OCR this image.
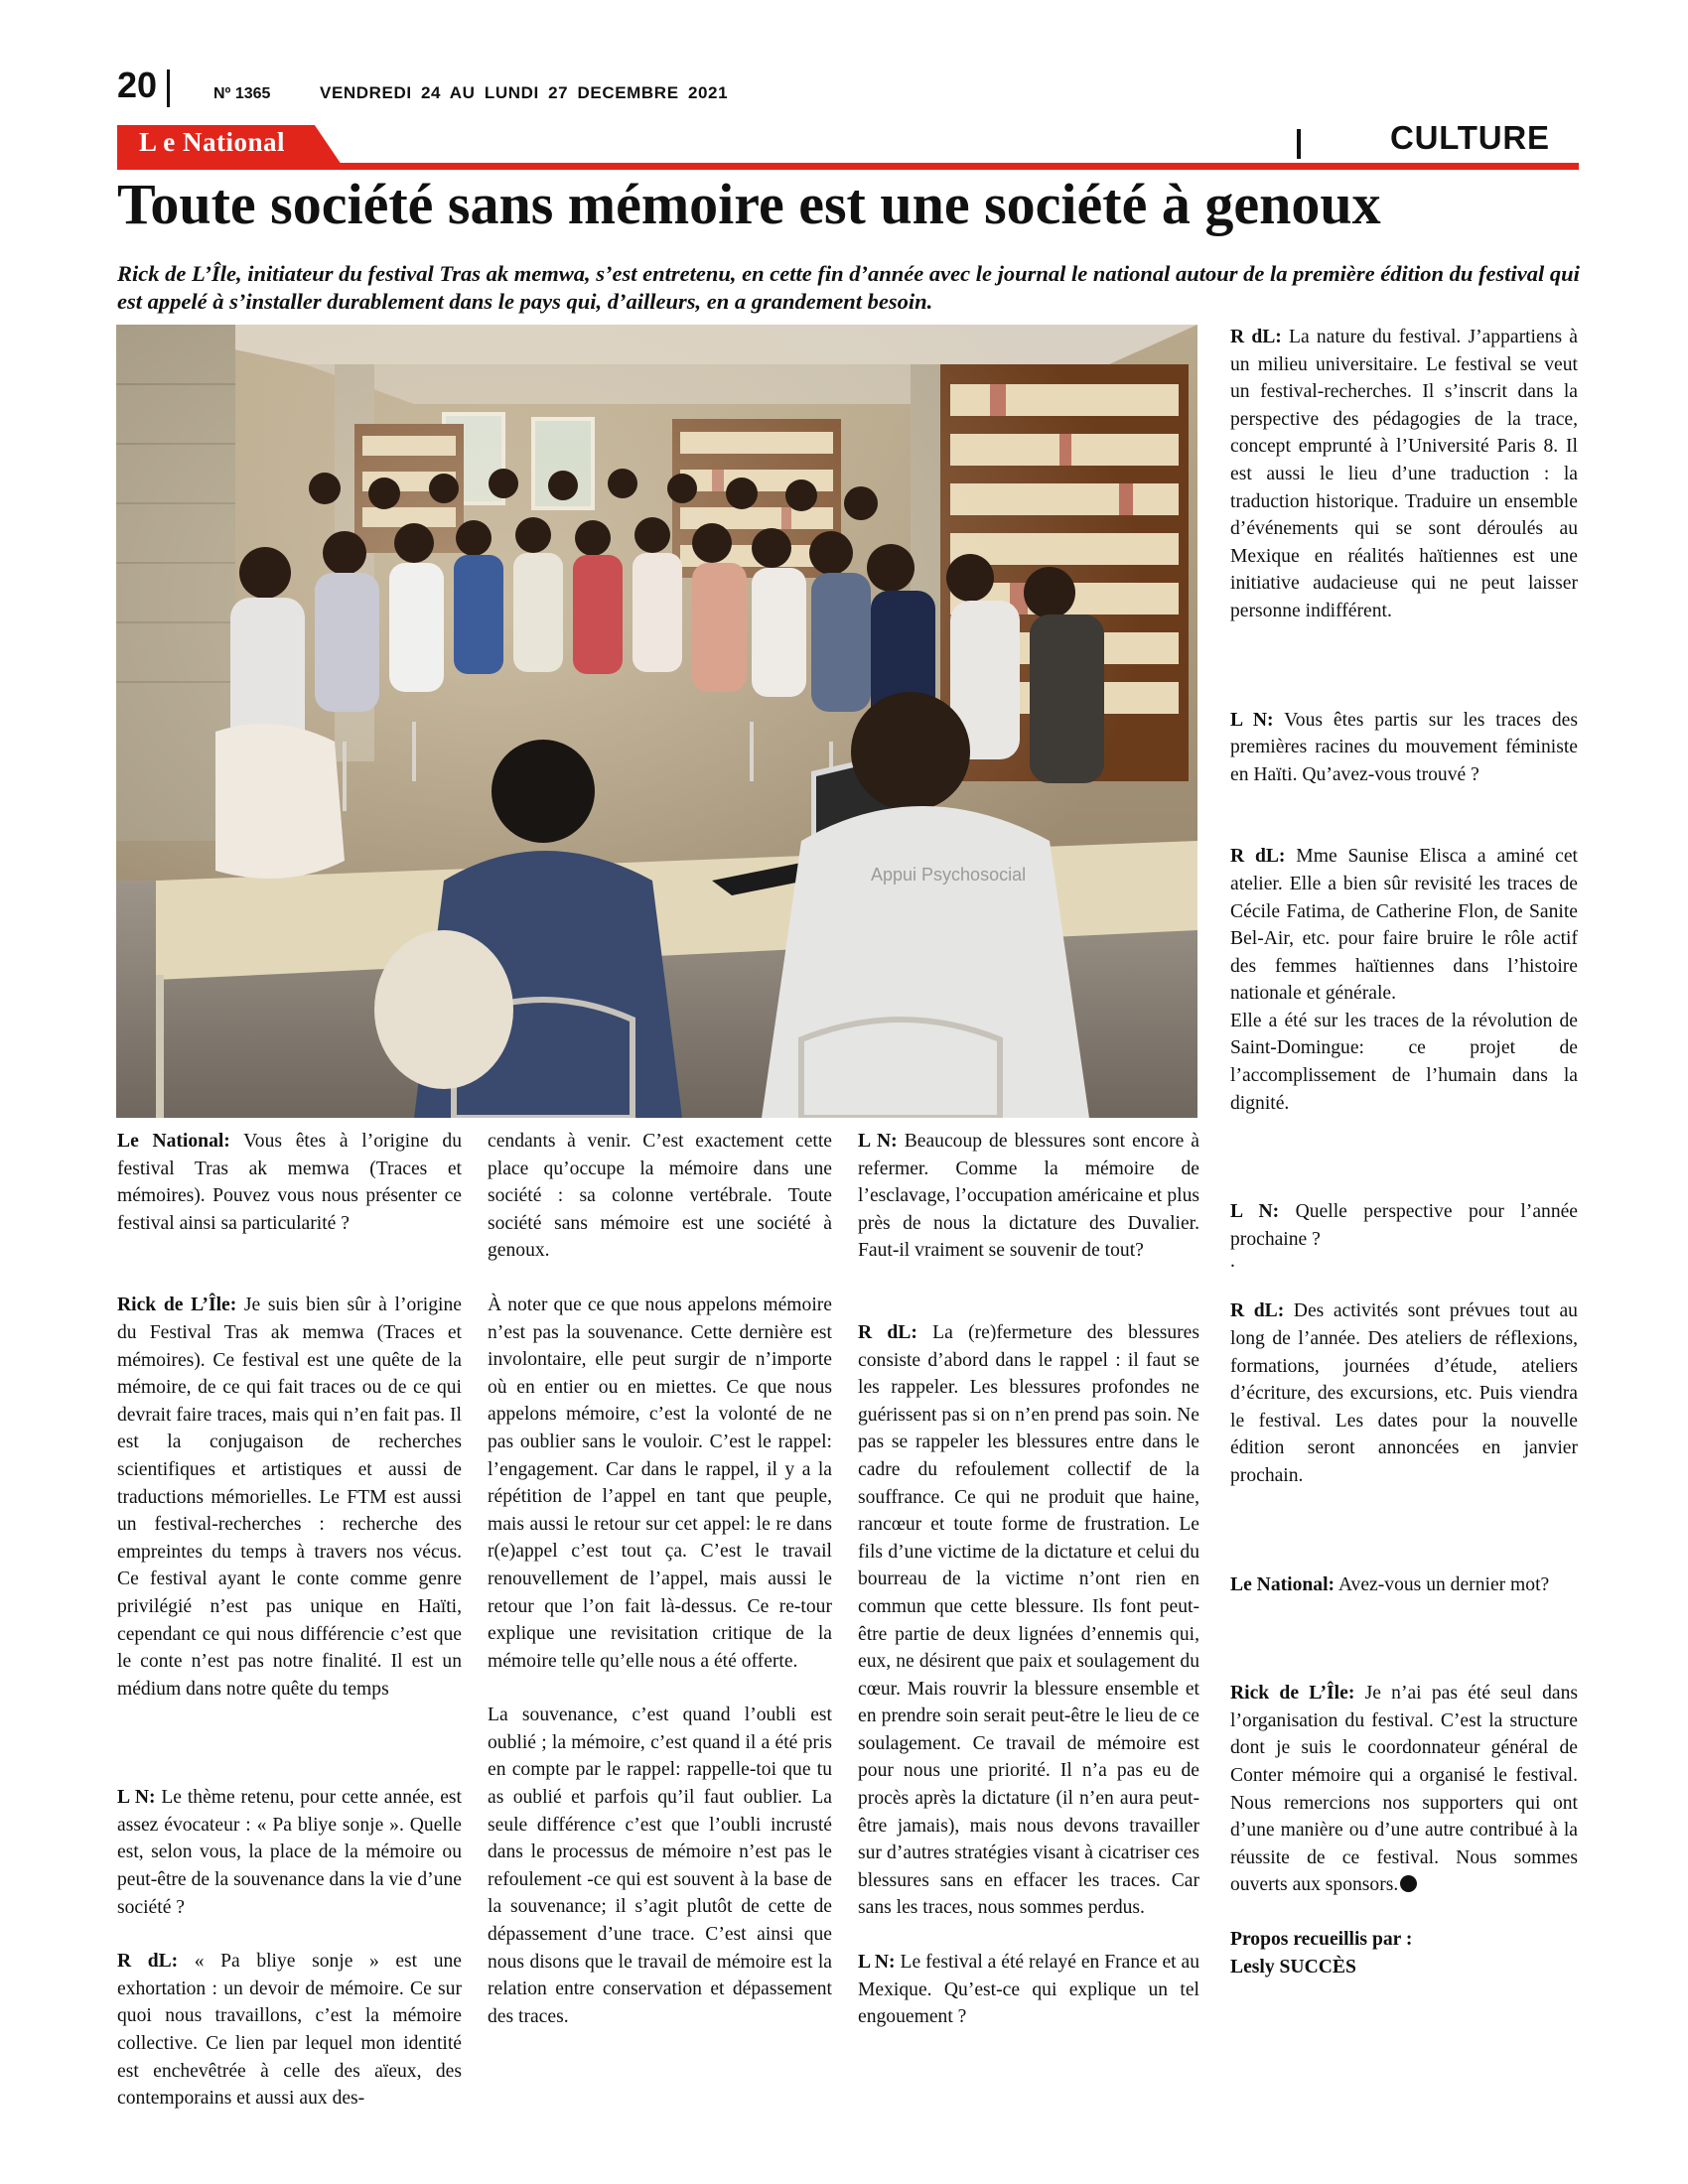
20	Nº 1365	VENDREDI 24 AU LUNDI 27 DECEMBRE 2021
L e National	CULTURE
Toute société sans mémoire est une société à genoux
Rick de L’Île, initiateur du festival Tras ak memwa, s’est entretenu, en cette fin d’année avec le journal le national autour de la première édition du festival qui est appelé à s’installer durablement dans le pays qui, d’ailleurs, en a grandement besoin.
Appui Psychosocial

Le National: Vous êtes à l’origine du festival Tras ak memwa (Traces et mémoires). Pouvez vous nous présenter ce festival ainsi sa particularité ?

Rick de L’Île: Je suis bien sûr à l’origine du Festival Tras ak memwa (Traces et mémoires). Ce festival est une quête de la mémoire, de ce qui fait traces ou de ce qui devrait faire traces, mais qui n’en fait pas. Il est la conjugaison de recherches scientifiques et artistiques et aussi de traductions mémorielles. Le FTM est aussi un festival-recherches : recherche des empreintes du temps à travers nos vécus. Ce festival ayant le conte comme genre privilégié n’est pas unique en Haïti, cependant ce qui nous différencie c’est que le conte n’est pas notre finalité. Il est un médium dans notre quête du temps

L N: Le thème retenu, pour cette année, est assez évocateur : « Pa bliye sonje ». Quelle est, selon vous, la place de la mémoire ou peut-être de la souvenance dans la vie d’une société ?

R dL: « Pa bliye sonje » est une exhortation : un devoir de mémoire. Ce sur quoi nous travaillons, c’est la mémoire collective. Ce lien par lequel mon identité est enchevêtrée à celle des aïeux, des contemporains et aussi aux des-

cendants à venir. C’est exactement cette place qu’occupe la mémoire dans une société : sa colonne vertébrale. Toute société sans mémoire est une société à genoux.

À noter que ce que nous appelons mémoire n’est pas la souvenance. Cette dernière est involontaire, elle peut surgir de n’importe où en entier ou en miettes. Ce que nous appelons mémoire, c’est la volonté de ne pas oublier sans le vouloir. C’est le rappel: l’engagement. Car dans le rappel, il y a la répétition de l’appel en tant que peuple, mais aussi le retour sur cet appel: le re dans r(e)appel c’est tout ça. C’est le travail renouvellement de l’appel, mais aussi le retour que l’on fait là-dessus. Ce re-tour explique une revisitation critique de la mémoire telle qu’elle nous a été offerte.

La souvenance, c’est quand l’oubli est oublié ; la mémoire, c’est quand il a été pris en compte par le rappel: rappelle-toi que tu as oublié et parfois qu’il faut oublier. La seule différence c’est que l’oubli incrusté dans le processus de mémoire n’est pas le refoulement -ce qui est souvent à la base de la souvenance; il s’agit plutôt de cette de dépassement d’une trace. C’est ainsi que nous disons que le travail de mémoire est la relation entre conservation et dépassement des traces.

L N: Beaucoup de blessures sont encore à refermer. Comme la mémoire de l’esclavage, l’occupation américaine et plus près de nous la dictature des Duvalier. Faut-il vraiment se souvenir de tout?

R dL: La (re)fermeture des blessures consiste d’abord dans le rappel : il faut se les rappeler. Les blessures profondes ne guérissent pas si on n’en prend pas soin. Ne pas se rappeler les blessures entre dans le cadre du refoulement collectif de la souffrance. Ce qui ne produit que haine, rancœur et toute forme de frustration. Le fils d’une victime de la dictature et celui du bourreau de la victime n’ont rien en commun que cette blessure. Ils font peut-être partie de deux lignées d’ennemis qui, eux, ne désirent que paix et soulagement du cœur. Mais rouvrir la blessure ensemble et en prendre soin serait peut-être le lieu de ce soulagement. Ce travail de mémoire est pour nous une priorité. Il n’a pas eu de procès après la dictature (il n’en aura peut-être jamais), mais nous devons travailler sur d’autres stratégies visant à cicatriser ces blessures sans en effacer les traces. Car sans les traces, nous sommes perdus.

L N: Le festival a été relayé en France et au Mexique. Qu’est-ce qui explique un tel engouement ?

R dL: La nature du festival. J’appartiens à un milieu universitaire. Le festival se veut un festival-recherches. Il s’inscrit dans la perspective des pédagogies de la trace, concept emprunté à l’Université Paris 8. Il est aussi le lieu d’une traduction : la traduction historique. Traduire un ensemble d’événements qui se sont déroulés au Mexique en réalités haïtiennes est une initiative audacieuse qui ne peut laisser personne indifférent.

L N: Vous êtes partis sur les traces des premières racines du mouvement féministe en Haïti. Qu’avez-vous trouvé ?

R dL: Mme Saunise Elisca a aminé cet atelier. Elle a bien sûr revisité les traces de Cécile Fatima, de Catherine Flon, de Sanite Bel-Air, etc. pour faire bruire le rôle actif des femmes haïtiennes dans l’histoire nationale et générale.

Elle a été sur les traces de la révolution de Saint-Domingue: ce projet de l’accomplissement de l’humain dans la dignité.

L N: Quelle perspective pour l’année prochaine ?

.

R dL: Des activités sont prévues tout au long de l’année. Des ateliers de réflexions, formations, journées d’étude, ateliers d’écriture, des excursions, etc. Puis viendra le festival. Les dates pour la nouvelle édition seront annoncées en janvier prochain.

Le National: Avez-vous un dernier mot?

Rick de L’Île: Je n’ai pas été seul dans l’organisation du festival. C’est la structure dont je suis le coordonnateur général de Conter mémoire qui a organisé le festival. Nous remercions nos supporters qui ont d’une manière ou d’une autre contribué à la réussite de ce festival. Nous sommes ouverts aux sponsors.

Propos recueillis par :

Lesly SUCCÈS
